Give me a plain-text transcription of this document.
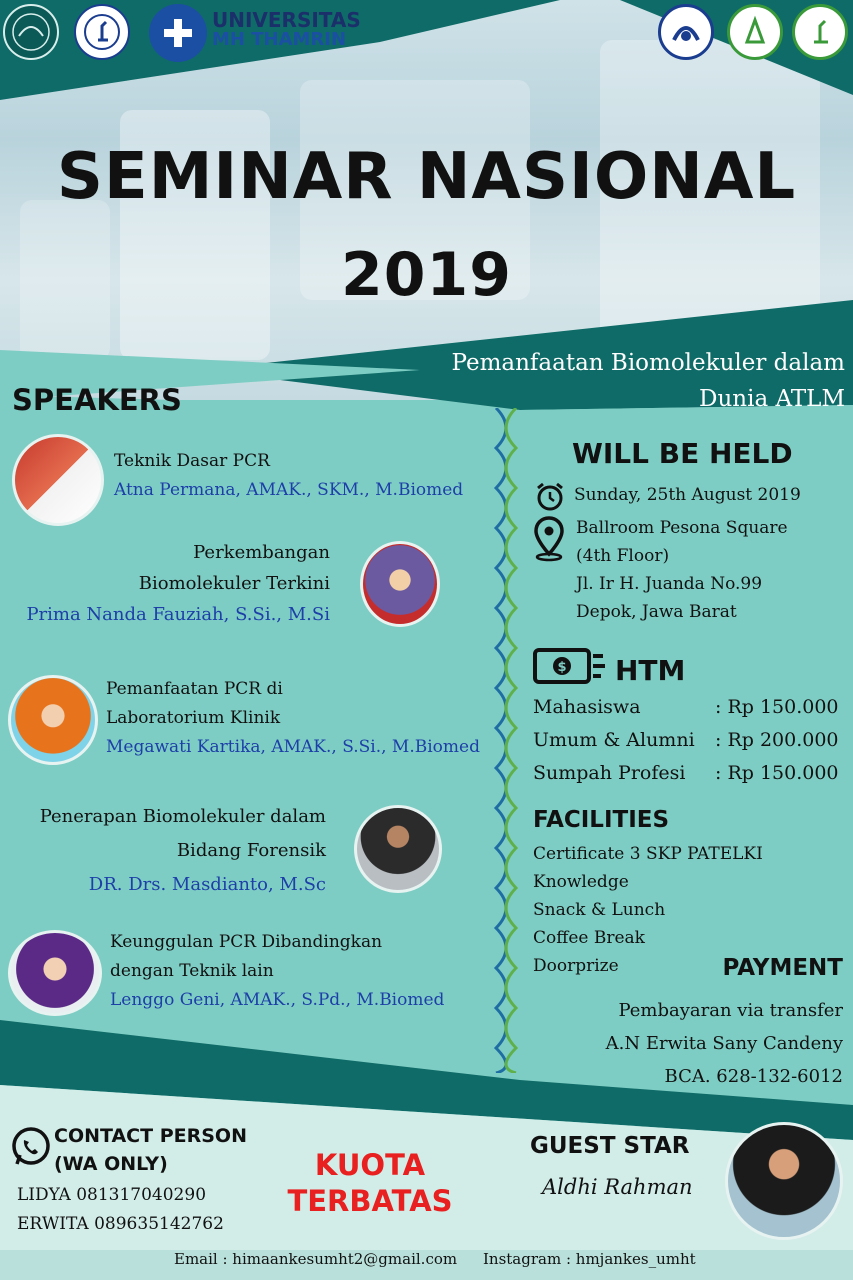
UNIVERSITAS
MH THAMRIN
SEMINAR NASIONAL
2019
Pemanfaatan Biomolekuler dalam
Dunia ATLM
SPEAKERS
Teknik Dasar PCR
Atna Permana, AMAK., SKM., M.Biomed
Perkembangan
Biomolekuler Terkini
Prima Nanda Fauziah, S.Si., M.Si
Pemanfaatan PCR di
Laboratorium Klinik
Megawati Kartika, AMAK., S.Si., M.Biomed
Penerapan Biomolekuler dalam
Bidang Forensik
DR. Drs. Masdianto, M.Sc
Keunggulan PCR Dibandingkan
dengan Teknik lain
Lenggo Geni, AMAK., S.Pd., M.Biomed
WILL BE HELD
Sunday, 25th August 2019
Ballroom Pesona Square
(4th Floor)
Jl. Ir H. Juanda No.99
Depok, Jawa Barat
$ HTM
Mahasiswa	: Rp 150.000
Umum & Alumni : Rp 200.000
Sumpah Profesi : Rp 150.000
FACILITIES
Certificate 3 SKP PATELKI
Knowledge
Snack & Lunch
Coffee Break
Doorprize	PAYMENT
Pembayaran via transfer
A.N Erwita Sany Candeny
BCA. 628-132-6012
CONTACT PERSON
(WA ONLY)
LIDYA 081317040290
ERWITA 089635142762
KUOTA
TERBATAS
GUEST STAR
Aldhi Rahman
Email : himaankesumht2@gmail.com Instagram : hmjankes_umht
